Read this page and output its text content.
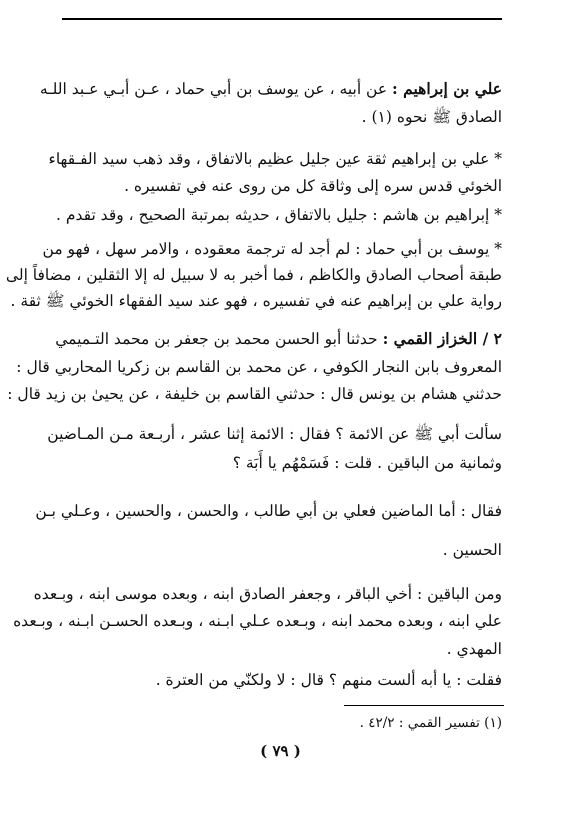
علي بن إبراهيم : عن أبيه ، عن يوسف بن أبي حماد ، عـن أبـي عـبد اللـه
الصادق ﷺ نحوه (١) .
* علي بن إبراهيم ثقة عين جليل عظيم بالاتفاق ، وقد ذهب سيد الفـقهاء
الخوئي قدس سره إلى وثاقة كل من روى عنه في تفسيره .
* إبراهيم بن هاشم : جليل بالاتفاق ، حديثه بمرتبة الصحيح ، وقد تقدم .
* يوسف بن أبي حماد : لم أجد له ترجمة معقوده ، والامر سهل ، فهو من
طبقة أصحاب الصادق والكاظم ، فما أخبر به لا سبيل له إلا الثقلين ، مضافاً إلى
رواية علي بن إبراهيم عنه في تفسيره ، فهو عند سيد الفقهاء الخوئي ﷺ ثقة .
٢ / الخزاز القمي : حدثنا أبو الحسن محمد بن جعفر بن محمد التـميمي
المعروف بابن النجار الكوفي ، عن محمد بن القاسم بن زكريا المحاربي قال :
حدثني هشام بن يونس قال : حدثني القاسم بن خليفة ، عن يحيىٰ بن زيد قال :
سألت أبي ﷺ عن الائمة ؟ فقال : الائمة إثنا عشر ، أربـعة مـن المـاضين
وثمانية من الباقين . قلت : فَسَمْهُم يا أَبَة ؟
فقال : أما الماضين فعلي بن أبي طالب ، والحسن ، والحسين ، وعـلي بـن
الحسين .
ومن الباقين : أخي الباقر ، وجعفر الصادق ابنه ، وبعده موسى ابنه ، وبـعده
علي ابنه ، وبعده محمد ابنه ، وبـعده عـلي ابـنه ، وبـعده الحسـن ابـنه ، وبـعده
المهدي .
فقلت : يا أبه ألست منهم ؟ قال : لا ولكنّي من العترة .
(١) تفسير القمي : ٤٢/٢ .
( ٧٩ )
